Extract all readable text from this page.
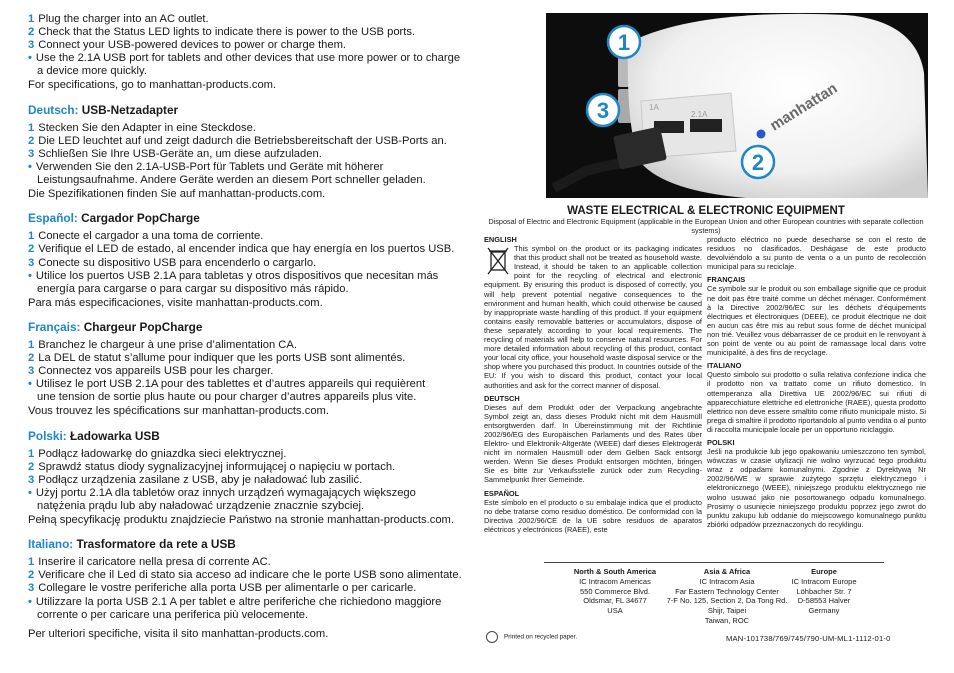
1 Plug the charger into an AC outlet.
2 Check that the Status LED lights to indicate there is power to the USB ports.
3 Connect your USB-powered devices to power or charge them.
• Use the 2.1A USB port for tablets and other devices that use more power or to charge
a device more quickly.
For specifications, go to manhattan-products.com.
Deutsch: USB-Netzadapter
1 Stecken Sie den Adapter in eine Steckdose.
2 Die LED leuchtet auf und zeigt dadurch die Betriebsbereitschaft der USB-Ports an.
3 Schließen Sie Ihre USB-Geräte an, um diese aufzuladen.
• Verwenden Sie den 2.1A-USB-Port für Tablets und Geräte mit höherer
Leistungsaufnahme. Andere Geräte werden an diesem Port schneller geladen.
Die Spezifikationen finden Sie auf manhattan-products.com.
Español: Cargador PopCharge
1 Conecte el cargador a una toma de corriente.
2 Verifique el LED de estado, al encender indica que hay energía en los puertos USB.
3 Conecte su dispositivo USB para encenderlo o cargarlo.
• Utilice los puertos USB 2.1A para tabletas y otros dispositivos que necesitan más
energía para cargarse o para cargar su dispositivo más rápido.
Para más especificaciones, visite manhattan-products.com.
Français: Chargeur PopCharge
1 Branchez le chargeur à une prise d’alimentation CA.
2 La DEL de statut s’allume pour indiquer que les ports USB sont alimentés.
3 Connectez vos appareils USB pour les charger.
• Utilisez le port USB 2.1A pour des tablettes et d’autres appareils qui requièrent
une tension de sortie plus haute ou pour charger d’autres appareils plus vite.
Vous trouvez les spécifications sur manhattan-products.com.
Polski: Ładowarka USB
1 Podłącz ładowarkę do gniazdka sieci elektrycznej.
2 Sprawdź status diody sygnalizacyjnej informującej o napięciu w portach.
3 Podłącz urządzenia zasilane z USB, aby je naładować lub zasilić.
• Użyj portu 2.1A dla tabletów oraz innych urządzeń wymagających większego
natężenia prądu lub aby naładować urządzenie znacznie szybciej.
Pełną specyfikację produktu znajdziecie Państwo na stronie manhattan-products.com.
Italiano: Trasformatore da rete a USB
1 Inserire il caricatore nella presa di corrente AC.
2 Verificare che il Led di stato sia acceso ad indicare che le porte USB sono alimentate.
3 Collegare le vostre periferiche alla porta USB per alimentarle o per caricarle.
• Utilizzare la porta USB 2.1 A per tablet e altre periferiche che richiedono maggiore
corrente o per caricare una periferica più velocemente.
Per ulteriori specifiche, visita il sito manhattan-products.com.
1A
2.1A	manhattan
1
3
2
WASTE ELECTRICAL & ELECTRONIC EQUIPMENT
Disposal of Electric and Electronic Equipment (applicable in the European Union and other European countries with separate collection systems)
ENGLISH

This symbol on the product or its packaging indicates that this product shall not be treated as household waste. Instead, it should be taken to an applicable collection point for the recycling of electrical and electronic equipment. By ensuring this product is disposed of correctly, you will help prevent potential negative consequences to the environment and human health, which could otherwise be caused by inappropriate waste handling of this product. If your equipment contains easily removable batteries or accumulators, dispose of these separately according to your local requirements. The recycling of materials will help to conserve natural resources. For more detailed information about recycling of this product, contact your local city office, your household waste disposal service or the shop where you purchased this product. In countries outside of the EU: If you wish to discard this product, contact your local authorities and ask for the correct manner of disposal.

DEUTSCH

Dieses auf dem Produkt oder der Verpackung angebrachte Symbol zeigt an, dass dieses Produkt nicht mit dem Hausmüll entsorgtwerden darf. In Übereinstimmung mit der Richtlinie 2002/96/EG des Europäischen Parlaments und des Rates über Elektro- und Elektronik-Altgeräte (WEEE) darf dieses Elektrogerät nicht im normalen Hausmüll oder dem Gelben Sack entsorgt werden. Wenn Sie dieses Produkt entsorgen möchten, bringen Sie es bitte zur Verkaufsstelle zurück oder zum Recycling-Sammelpunkt Ihrer Gemeinde.

ESPAÑOL

Este símbolo en el producto o su embalaje indica que el producto no debe tratarse como residuo doméstico. De conformidad con la Directiva 2002/96/CE de la UE sobre residuos de aparatos eléctricos y electrónicos (RAEE), este

producto eléctrico no puede desecharse se con el resto de residuos no clasificados. Deshágase de este producto devolviéndolo a su punto de venta o a un punto de recolección municipal para su reciclaje.

FRANÇAIS

Ce symbole sur le produit ou son emballage signifie que ce produit ne doit pas être traité comme un déchet ménager. Conformément à la Directive 2002/96/EC sur les déchets d’équipements électriques et électroniques (DEEE), ce produit électrique ne doit en aucun cas être mis au rebut sous forme de déchet municipal non trié. Veuillez vous débarrasser de ce produit en le renvoyant à son point de vente ou au point de ramassage local dans votre municipalité, à des fins de recyclage.

ITALIANO

Questo simbolo sui prodotto o sulla relativa confezione indica che il prodotto non va trattato come un rifiuto domestico. In ottemperanza alla Direttiva UE 2002/96/EC sui rifiuti di apparecchiature elettriche ed elettroniche (RAEE), questa prodotto elettrico non deve essere smaltito come rifiuto municipale misto. Si prega di smaltire il prodotto riportandolo al punto vendita o al punto di raccolta municipale locale per un opportuno riciclaggio.

POLSKI

Jeśli na produkcie lub jego opakowaniu umieszczono ten symbol, wówczas w czasie utylizacji nie wolno wyrzucać tego produktu wraz z odpadami komunalnymi. Zgodnie z Dyrektywą Nr 2002/96/WE w sprawie zużytego sprzętu elektrycznego i elektronicznego (WEEE), niniejszego produktu elektrycznego nie wolno usuwać jako nie posortowanego odpadu komunalnego. Prosimy o usunięcie niniejszego produktu poprzez jego zwrot do punktu zakupu lub oddanie do miejscowego komunalnego punktu zbiórki odpadów przeznaczonych do recyklingu.

North & South America
IC Intracom Americas
550 Commerce Blvd.
Oldsmar, FL 34677
USA
Asia & Africa
IC Intracom Asia
Far Eastern Technology Center
7-F No. 125, Section 2, Da Tong Rd.
Shijr, Taipei
Taiwan, ROC
Europe
IC Intracom Europe
Löhbacher Str. 7
D-58553 Halver
Germany
Printed on recycled paper.	MAN-101738/769/745/790-UM-ML1-1112-01-0
